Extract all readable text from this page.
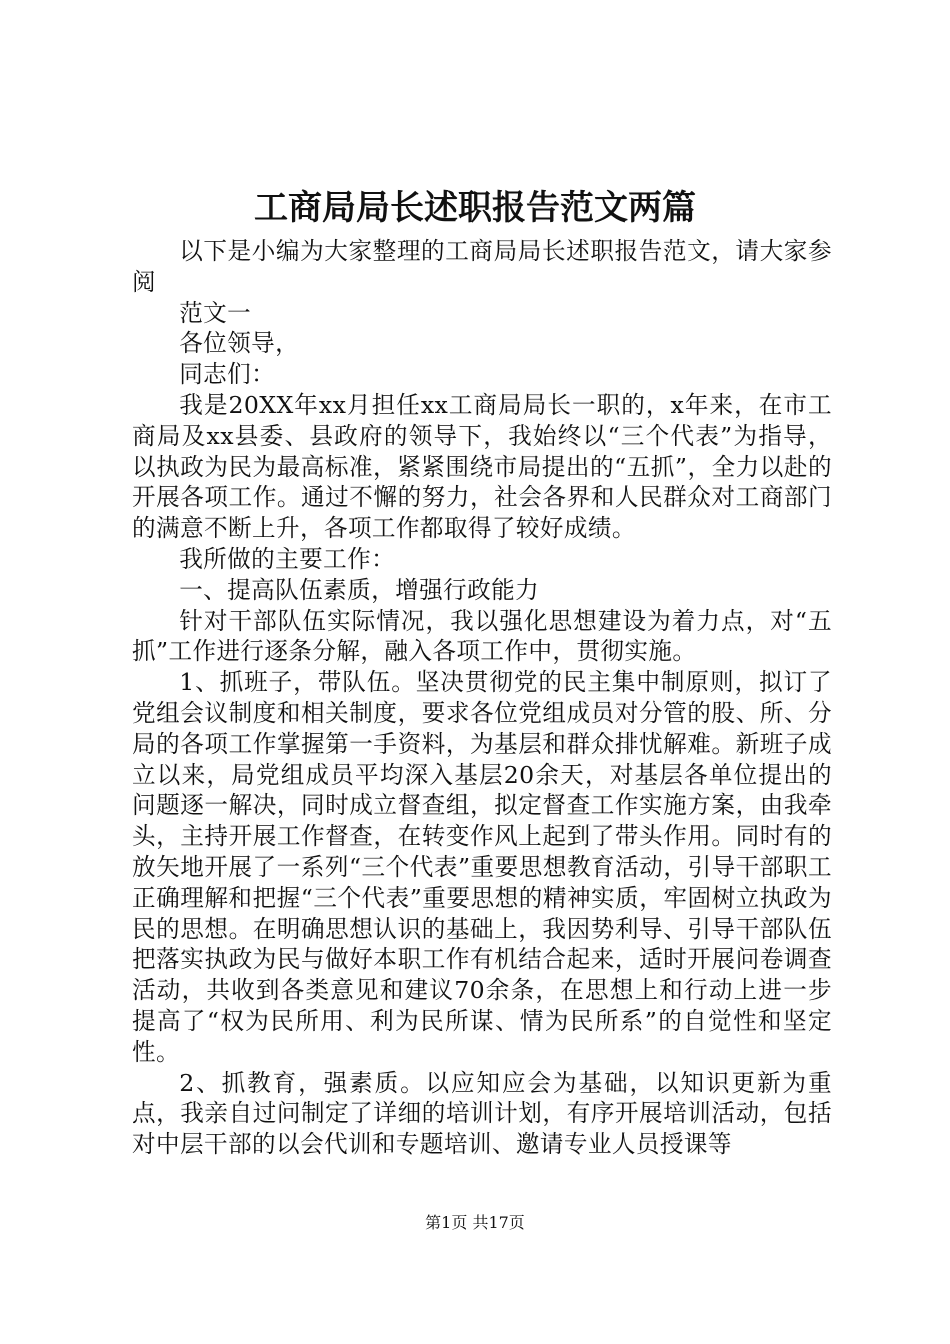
工商局局长述职报告范文两篇

以下是小编为大家整理的工商局局长述职报告范文，请大家参阅

范文一

各位领导，

同志们：

我是20XX年xx月担任xx工商局局长一职的，x年来，在市工商局及xx县委、县政府的领导下，我始终以“三个代表”为指导，以执政为民为最高标准，紧紧围绕市局提出的“五抓”，全力以赴的开展各项工作。通过不懈的努力，社会各界和人民群众对工商部门的满意不断上升，各项工作都取得了较好成绩。

我所做的主要工作：

一、提高队伍素质，增强行政能力

针对干部队伍实际情况，我以强化思想建设为着力点，对“五抓”工作进行逐条分解，融入各项工作中，贯彻实施。

1、抓班子，带队伍。坚决贯彻党的民主集中制原则，拟订了党组会议制度和相关制度，要求各位党组成员对分管的股、所、分局的各项工作掌握第一手资料，为基层和群众排忧解难。新班子成立以来，局党组成员平均深入基层20余天，对基层各单位提出的问题逐一解决，同时成立督查组，拟定督查工作实施方案，由我牵头，主持开展工作督查，在转变作风上起到了带头作用。同时有的放矢地开展了一系列“三个代表”重要思想教育活动，引导干部职工正确理解和把握“三个代表”重要思想的精神实质，牢固树立执政为民的思想。在明确思想认识的基础上，我因势利导、引导干部队伍把落实执政为民与做好本职工作有机结合起来，适时开展问卷调查活动，共收到各类意见和建议70余条，在思想上和行动上进一步提高了“权为民所用、利为民所谋、情为民所系”的自觉性和坚定性。

2、抓教育，强素质。以应知应会为基础，以知识更新为重点，我亲自过问制定了详细的培训计划，有序开展培训活动，包括对中层干部的以会代训和专题培训、邀请专业人员授课等

第1页 共17页
